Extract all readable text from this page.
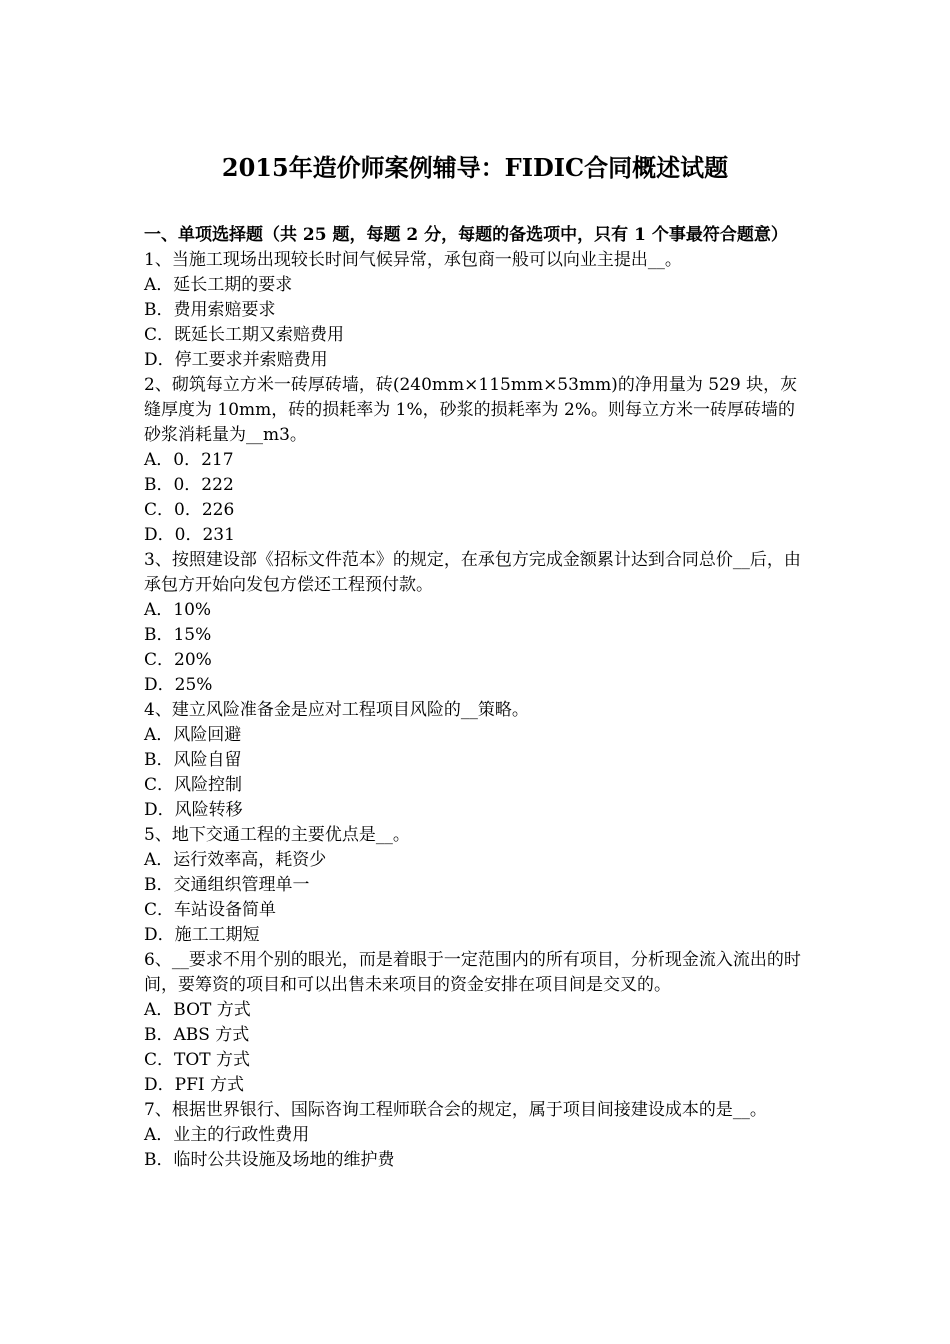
2015年造价师案例辅导：FIDIC合同概述试题

一、单项选择题（共 25 题，每题 2 分，每题的备选项中，只有 1 个事最符合题意）

1、当施工现场出现较长时间气候异常，承包商一般可以向业主提出__。

A．延长工期的要求

B．费用索赔要求

C．既延长工期又索赔费用

D．停工要求并索赔费用

2、砌筑每立方米一砖厚砖墙，砖(240mm×115mm×53mm)的净用量为 529 块，灰缝厚度为 10mm，砖的损耗率为 1%，砂浆的损耗率为 2%。则每立方米一砖厚砖墙的砂浆消耗量为__m3。

A．0．217

B．0．222

C．0．226

D．0．231

3、按照建设部《招标文件范本》的规定，在承包方完成金额累计达到合同总价__后，由承包方开始向发包方偿还工程预付款。

A．10%

B．15%

C．20%

D．25%

4、建立风险准备金是应对工程项目风险的__策略。

A．风险回避

B．风险自留

C．风险控制

D．风险转移

5、地下交通工程的主要优点是__。

A．运行效率高，耗资少

B．交通组织管理单一

C．车站设备简单

D．施工工期短

6、__要求不用个别的眼光，而是着眼于一定范围内的所有项目，分析现金流入流出的时间，要筹资的项目和可以出售未来项目的资金安排在项目间是交叉的。

A．BOT 方式

B．ABS 方式

C．TOT 方式

D．PFI 方式

7、根据世界银行、国际咨询工程师联合会的规定，属于项目间接建设成本的是__。

A．业主的行政性费用

B．临时公共设施及场地的维护费
